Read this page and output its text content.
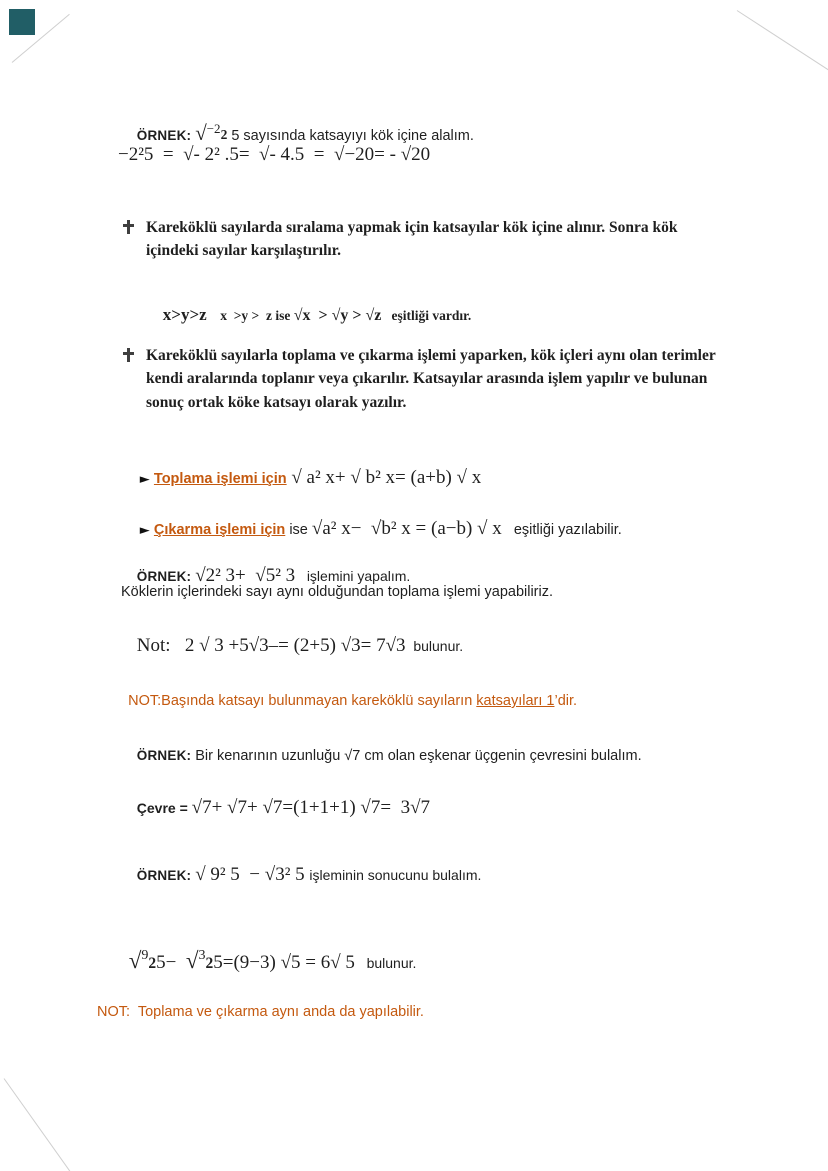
ÖRNEK: √$^{-2}$2 5 sayısında katsayıyı kök içine alalım.

−2²5  =  √- 2² .5=  √- 4.5  =  √−20= - √20
Kareköklü sayılarda sıralama yapmak için katsayılar kök içine alınır. Sonra kök içindeki sayılar karşılaştırılır.

x>y>z    x  >y >  z ise √x  > √y > √z   eşitliği vardır.

Kareköklü sayılarla toplama ve çıkarma işlemi yaparken, kök içleri aynı olan terimler kendi aralarında toplanır veya çıkarılır. Katsayılar arasında işlem yapılır ve bulunan sonuç ortak köke katsayı olarak yazılır.

► Toplama işlemi için √ a² x+ √ b² x= (a+b) √ x

► Çıkarma işlemi için ise √a² x−  √b² x = (a−b) √ x   eşitliği yazılabilir.

ÖRNEK: √2² 3+  √5² 3   işlemini yapalım.

Köklerin içlerindeki sayı aynı olduğundan toplama işlemi yapabiliriz.

Not:   2 √ 3 +5√3–= (2+5) √3= 7√3  bulunur.

NOT:Başında katsayı bulunmayan kareköklü sayıların katsayıları 1’dir.

ÖRNEK: Bir kenarının uzunluğu √7 cm olan eşkenar üçgenin çevresini bulalım.

Çevre = √7+ √7+ √7=(1+1+1) √7=  3√7

ÖRNEK: √ 9² 5  − √3² 5 işleminin sonucunu bulalım.

√925−  √325=(9−3) √5 = 6√ 5   bulunur.

NOT:  Toplama ve çıkarma aynı anda da yapılabilir.
